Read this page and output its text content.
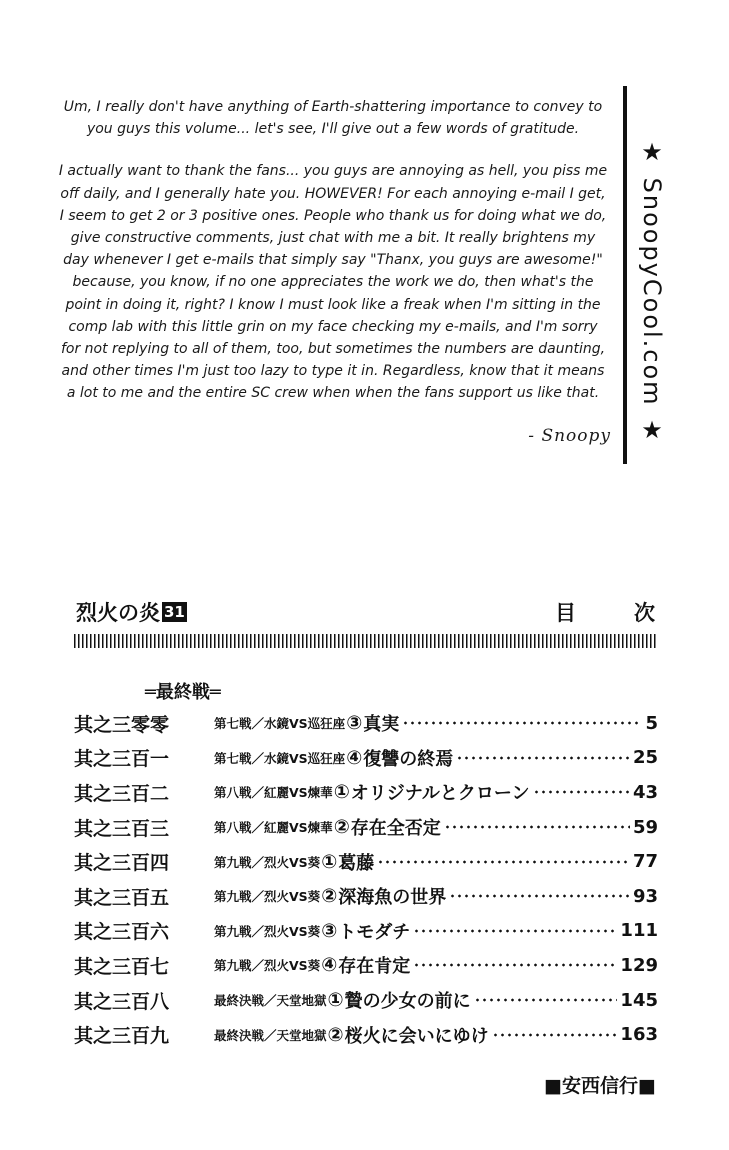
Um, I really don't have anything of Earth-shattering importance to convey to you guys this volume... let's see, I'll give out a few words of gratitude.

I actually want to thank the fans... you guys are annoying as hell, you piss me off daily, and I generally hate you. HOWEVER! For each annoying e-mail I get, I seem to get 2 or 3 positive ones. People who thank us for doing what we do, give constructive comments, just chat with me a bit. It really brightens my day whenever I get e-mails that simply say "Thanx, you guys are awesome!" because, you know, if no one appreciates the work we do, then what's the point in doing it, right? I know I must look like a freak when I'm sitting in the comp lab with this little grin on my face checking my e-mails, and I'm sorry for not replying to all of them, too, but sometimes the numbers are daunting, and other times I'm just too lazy to type it in. Regardless, know that it means a lot to me and the entire SC crew when when the fans support us like that.

- Snoopy ★ SnoopyCool.com ★
烈火の炎 31	目	次
═最終戦═
其之三零零	第七戦／水鏡VS巡狂座 ③ 真実	5
其之三百一	第七戦／水鏡VS巡狂座 ④ 復讐の終焉	25
其之三百二	第八戦／紅麗VS煉華 ① オリジナルとクローン	43
其之三百三	第八戦／紅麗VS煉華 ② 存在全否定	59
其之三百四	第九戦／烈火VS葵 ① 葛藤	77
其之三百五	第九戦／烈火VS葵 ② 深海魚の世界	93
其之三百六	第九戦／烈火VS葵 ③ トモダチ	111
其之三百七	第九戦／烈火VS葵 ④ 存在肯定	129
其之三百八	最終決戦／天堂地獄 ① 贄の少女の前に	145
其之三百九	最終決戦／天堂地獄 ② 桜火に会いにゆけ	163
■安西信行■
